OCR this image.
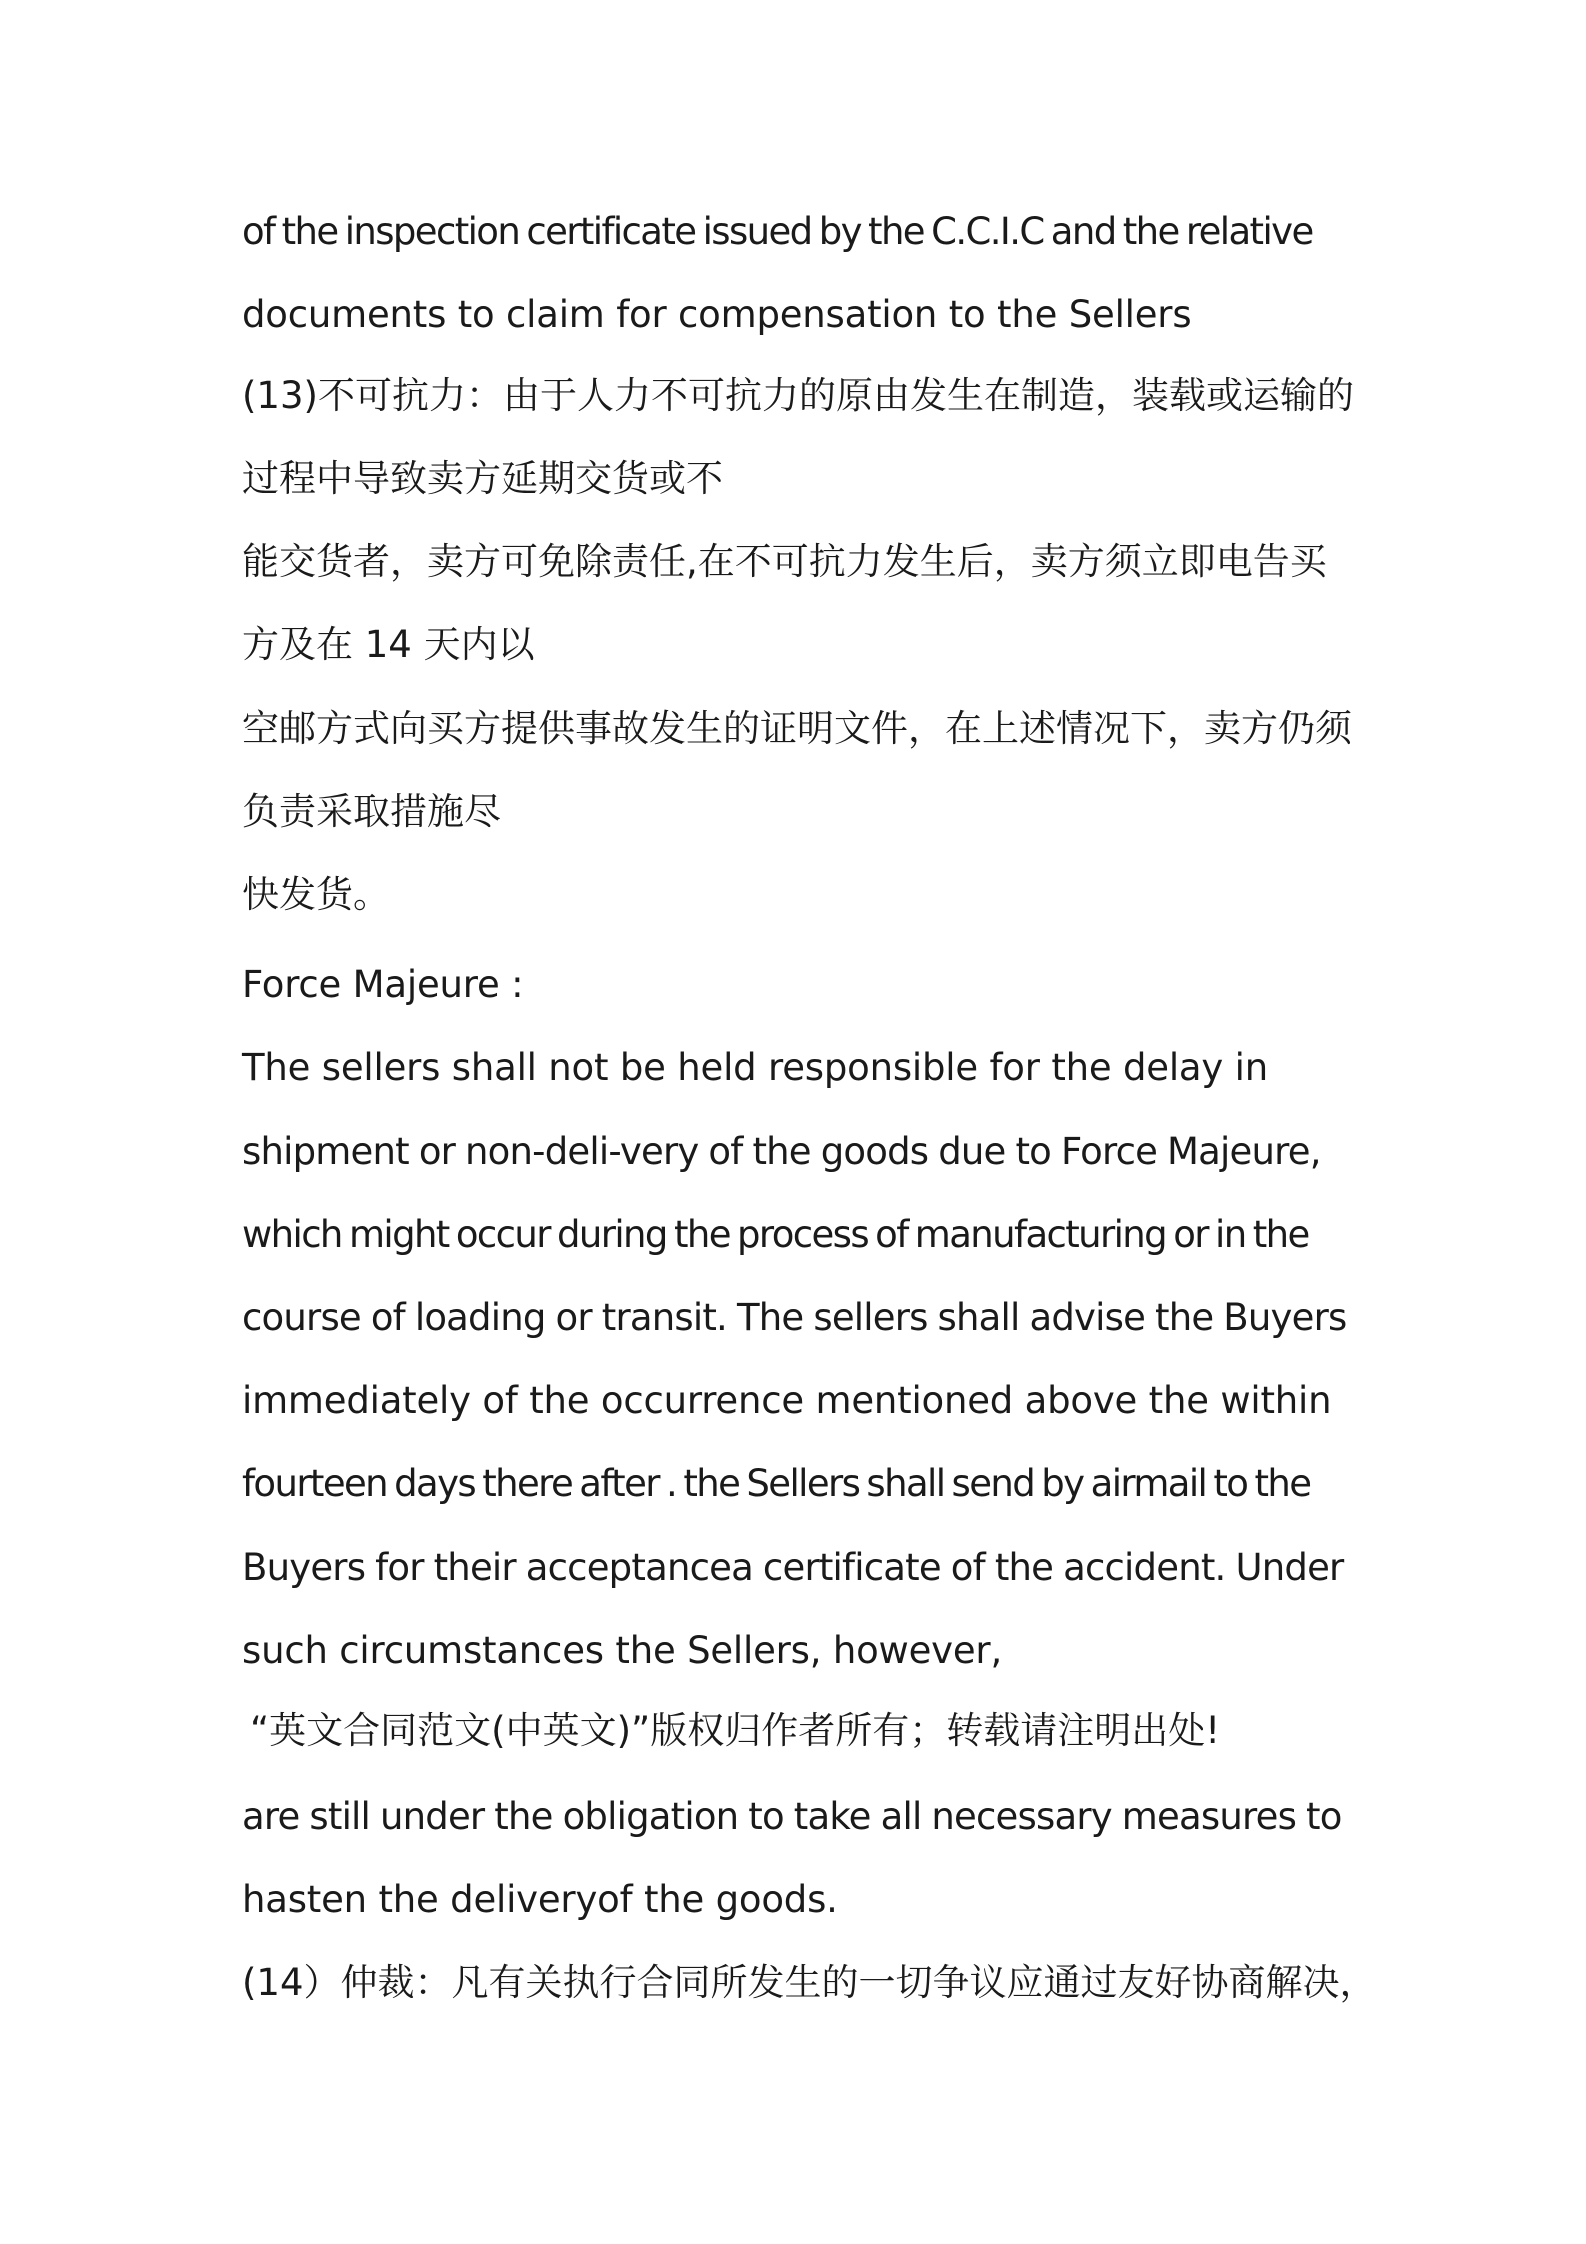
of the inspection certificate issued by the C.C.I.C and the relative
documents to claim for compensation to the Sellers
(13)不可抗力：由于人力不可抗力的原由发生在制造，装载或运输的
过程中导致卖方延期交货或不
能交货者，卖方可免除责任,在不可抗力发生后，卖方须立即电告买
方及在 14 天内以
空邮方式向买方提供事故发生的证明文件，在上述情况下，卖方仍须
负责采取措施尽
快发货。
Force Majeure :
The sellers shall not be held responsible for the delay in
shipment or non-deli-very of the goods due to Force Majeure,
which might occur during the process of manufacturing or in the
course of loading or transit. The sellers shall advise the Buyers
immediately of the occurrence mentioned above the within
fourteen days there after . the Sellers shall send by airmail to the
Buyers for their acceptancea certificate of the accident. Under
such circumstances the Sellers, however,
“英文合同范文(中英文)”版权归作者所有；转载请注明出处!
are still under the obligation to take all necessary measures to
hasten the deliveryof the goods.
(14）仲裁：凡有关执行合同所发生的一切争议应通过友好协商解决，
